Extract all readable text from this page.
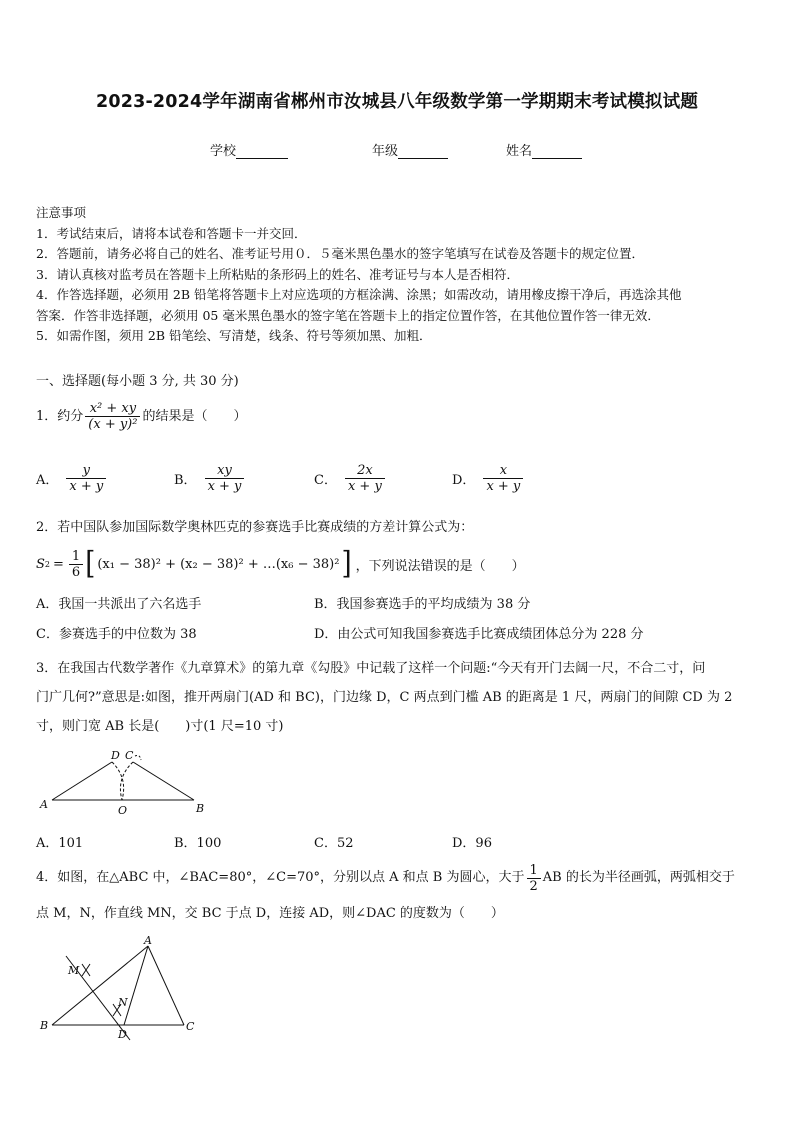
2023-2024学年湖南省郴州市汝城县八年级数学第一学期期末考试模拟试题
学校	年级	姓名
注意事项
1．考试结束后，请将本试卷和答题卡一并交回．
2．答题前，请务必将自己的姓名、准考证号用０．５毫米黑色墨水的签字笔填写在试卷及答题卡的规定位置．
3．请认真核对监考员在答题卡上所粘贴的条形码上的姓名、准考证号与本人是否相符．
4．作答选择题，必须用 2B 铅笔将答题卡上对应选项的方框涂满、涂黑；如需改动，请用橡皮擦干净后，再选涂其他
答案．作答非选择题，必须用 05 毫米黑色墨水的签字笔在答题卡上的指定位置作答，在其他位置作答一律无效．
5．如需作图，须用 2B 铅笔绘、写清楚，线条、符号等须加黑、加粗．
一、选择题(每小题 3 分, 共 30 分)
1．约分 $\frac{\text{x² + xy}}{\text{(x + y)²}}$ 的结果是（　　）
A． $\frac{y}{x + y}$	B． $\frac{xy}{x + y}$	C． $\frac{2x}{x + y}$	D． $\frac{x}{x + y}$
2．若中国队参加国际数学奥林匹克的参赛选手比赛成绩的方差计算公式为：
S $2 = \frac{1}{6}$ [ (x₁ − 38)² + (x₂ − 38)² + …(x₆ − 38)² ] ，下列说法错误的是（　　）
A．我国一共派出了六名选手	B．我国参赛选手的平均成绩为 38 分
C．参赛选手的中位数为 38	D．由公式可知我国参赛选手比赛成绩团体总分为 228 分
3．在我国古代数学著作《九章算术》的第九章《勾股》中记载了这样一个问题:“今天有开门去阔一尺，不合二寸，问
门广几何?”意思是:如图，推开两扇门(AD 和 BC)，门边缘 D，C 两点到门槛 AB 的距离是 1 尺，两扇门的间隙 CD 为 2
寸，则门宽 AB 长是(　　)寸(1 尺=10 寸)
A	B
D C
O
A．101	B．100	C．52	D．96
4．如图，在△ABC 中，∠BAC=80°，∠C=70°，分别以点 A 和点 B 为圆心，大于 $\frac{1}{2}$ AB 的长为半径画弧，两弧相交于
点 M，N，作直线 MN，交 BC 于点 D，连接 AD，则∠DAC 的度数为（　　）
A
B	C
D
M
N
